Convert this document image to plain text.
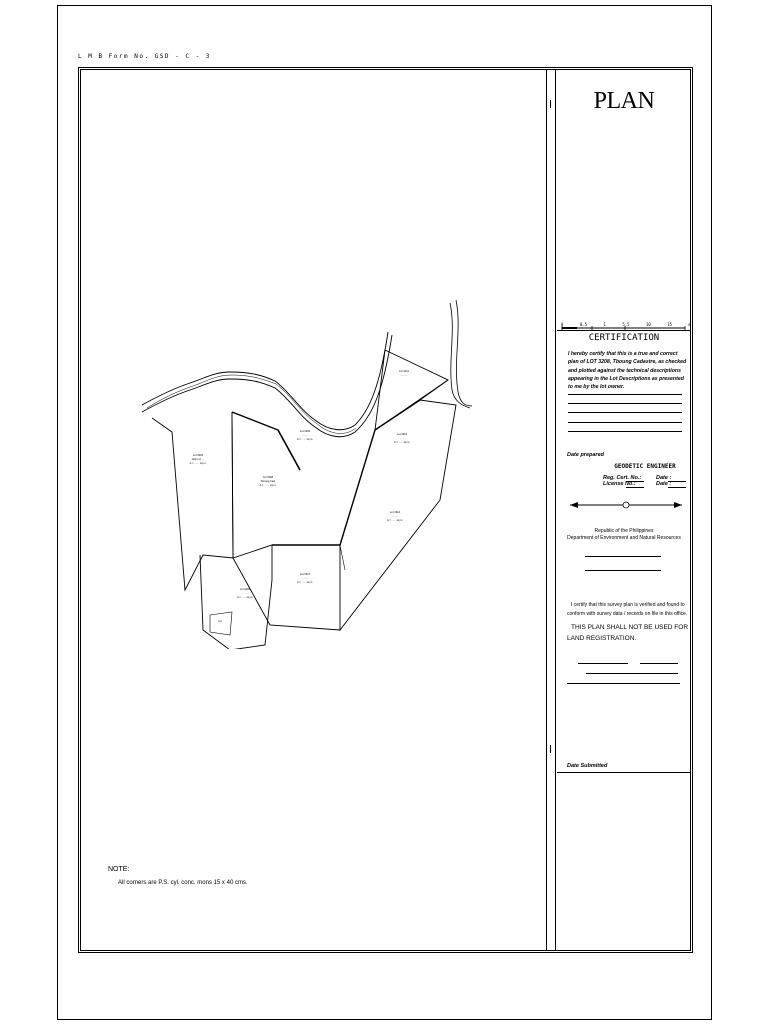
L M B Form No. GSD - C - 3
Lot 3206
Heirs of ....
A = ....... sq.m.
Lot 3208
Tboung Cad.
A = ....... sq.m.
Lot 3209
.........
A = ...... sq.m.
Lot 3210
..........
A = ...... sq.m.
Lot 3211
..........
Lot 3212
..........
A = ...... sq.m.
Lot 3207
..........
A = ...... sq.m.
Lot 3205
..........
A = ...... sq.m.
Lot
PLAN
0	0.5	1	5.5	10	15	m
CERTIFICATION
I hereby certify that this is a true and correct plan of LOT 3208, Tboung Cadastre, as checked and plotted against the technical descriptions appearing in the Lot Descriptions as presented to me by the lot owner.
Date prepared
GEODETIC ENGINEER
Reg. Cert. No.:	Date :
License No.:	Date :
Republic of the Philippines
Department of Environment and Natural Resources
I certify that this survey plan is verified and found to conform with survey data / records on file in this office.
THIS PLAN SHALL NOT BE USED FOR LAND REGISTRATION.
Date Submitted
NOTE:
All corners are P.S. cyl. conc. mons 15 x 40 cms.
